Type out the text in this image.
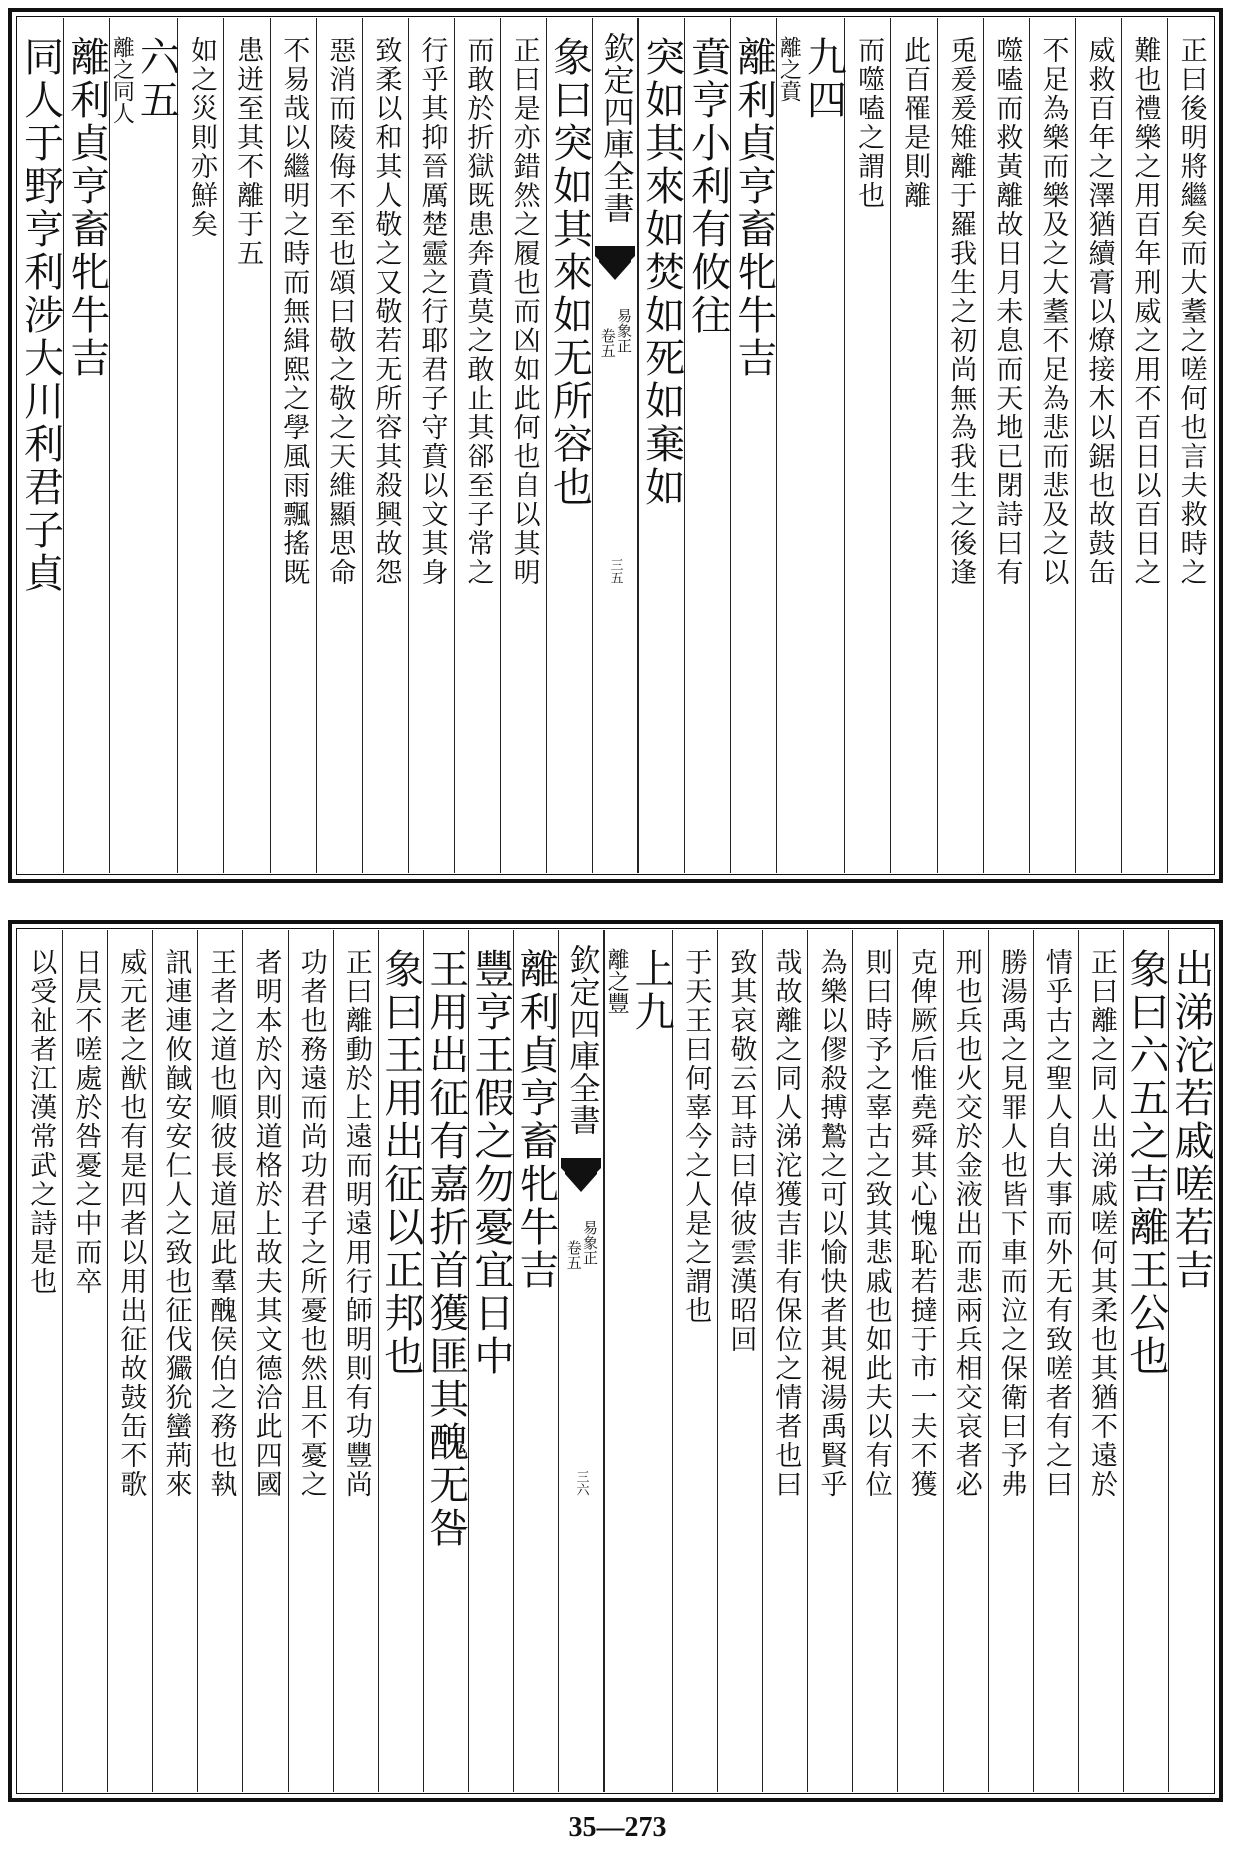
正曰後明將繼矣而大耋之嗟何也言夫救時之
難也禮樂之用百年刑威之用不百日以百日之
威救百年之澤猶續膏以燎接木以鋸也故鼓缶
不足為樂而樂及之大耋不足為悲而悲及之以
噬嗑而救黃離故日月未息而天地已閉詩曰有
兎爰爰雉離于羅我生之初尚無為我生之後逢
此百罹是則離
而噬嗑之謂也
九四
離之賁
離利貞亨畜牝牛吉
賁亨小利有攸往
突如其來如焚如死如棄如
欽定四庫全書
易象正
卷五
三五
象曰突如其來如无所容也
正曰是亦錯然之履也而凶如此何也自以其明
而敢於折獄既患奔賁莫之敢止其郤至子常之
行乎其抑晉厲楚靈之行耶君子守賁以文其身
致柔以和其人敬之又敬若无所容其殺興故怨
惡消而陵侮不至也頌曰敬之敬之天維顯思命
不易哉以繼明之時而無緝熙之學風雨飄搖既
患迸至其不離于五
如之災則亦鮮矣
六五
離之同人
離利貞亨畜牝牛吉
同人于野亨利涉大川利君子貞
出涕沱若戚嗟若吉
象曰六五之吉離王公也
正曰離之同人出涕戚嗟何其柔也其猶不遠於
情乎古之聖人自大事而外无有致嗟者有之曰
勝湯禹之見罪人也皆下車而泣之保衛曰予弗
刑也兵也火交於金液出而悲兩兵相交哀者必
克俾厥后惟堯舜其心愧恥若撻于市一夫不獲
則曰時予之辜古之致其悲戚也如此夫以有位
為樂以僇殺搏鷙之可以愉快者其視湯禹賢乎
哉故離之同人涕沱獲吉非有保位之情者也曰
致其哀敬云耳詩曰倬彼雲漢昭回
于天王曰何辜今之人是之謂也
上九
離之豐
欽定四庫全書
易象正
卷五
三六
離利貞亨畜牝牛吉
豐亨王假之勿憂宜日中
王用出征有嘉折首獲匪其醜无咎
象曰王用出征以正邦也
正曰離動於上遠而明遠用行師明則有功豐尚
功者也務遠而尚功君子之所憂也然且不憂之
者明本於內則道格於上故夫其文德洽此四國
王者之道也順彼長道屈此羣醜侯伯之務也執
訊連連攸馘安安仁人之致也征伐玁狁蠻荊來
威元老之猷也有是四者以用出征故鼓缶不歌
日昃不嗟處於咎憂之中而卒
以受祉者江漢常武之詩是也
35—273
